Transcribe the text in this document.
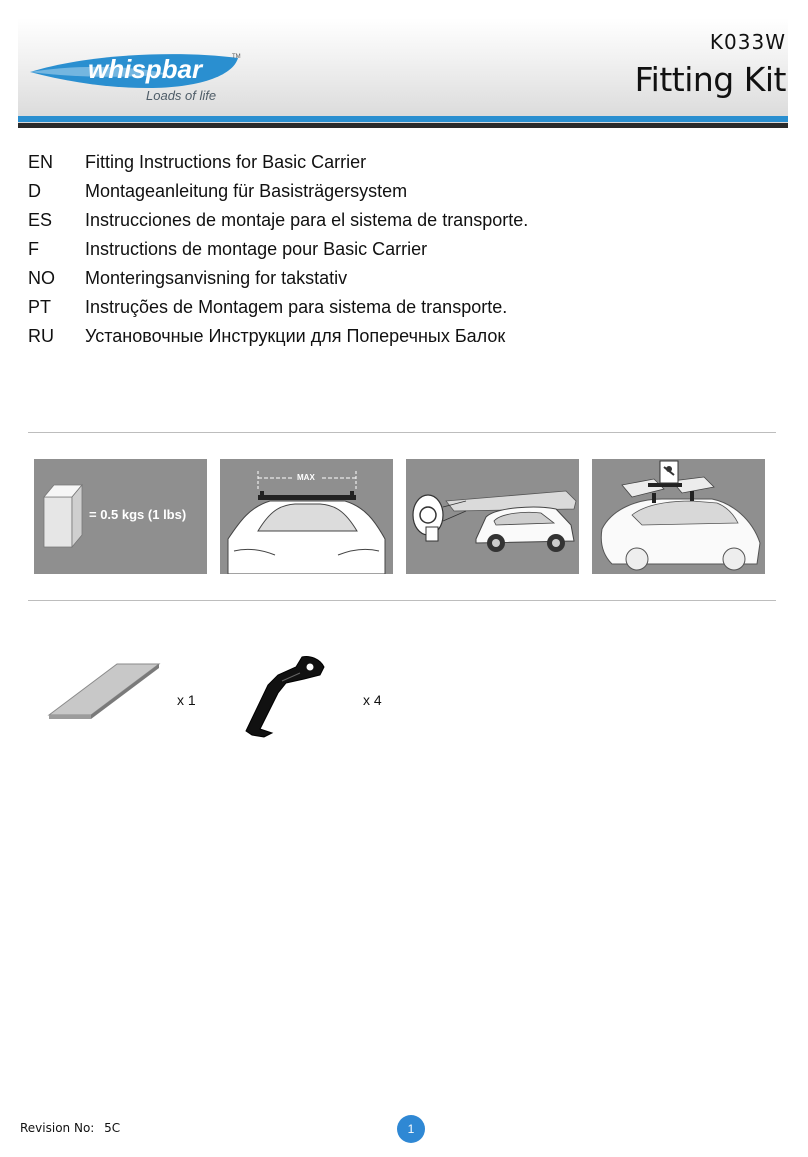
whispbar	TM
Loads of life
K033W
Fitting Kit
EN	Fitting Instructions for Basic Carrier
D	Montageanleitung für Basisträgersystem
ES	Instrucciones de montaje para el sistema de transporte.
F	Instructions de montage pour Basic Carrier
NO	Monteringsanvisning for takstativ
PT	Instruções de Montagem para sistema de transporte.
RU	Установочные Инструкции для Поперечных Балок
= 0.5 kgs (1 lbs)
MAX
x 1	x 4
Revision No: 5C	1
